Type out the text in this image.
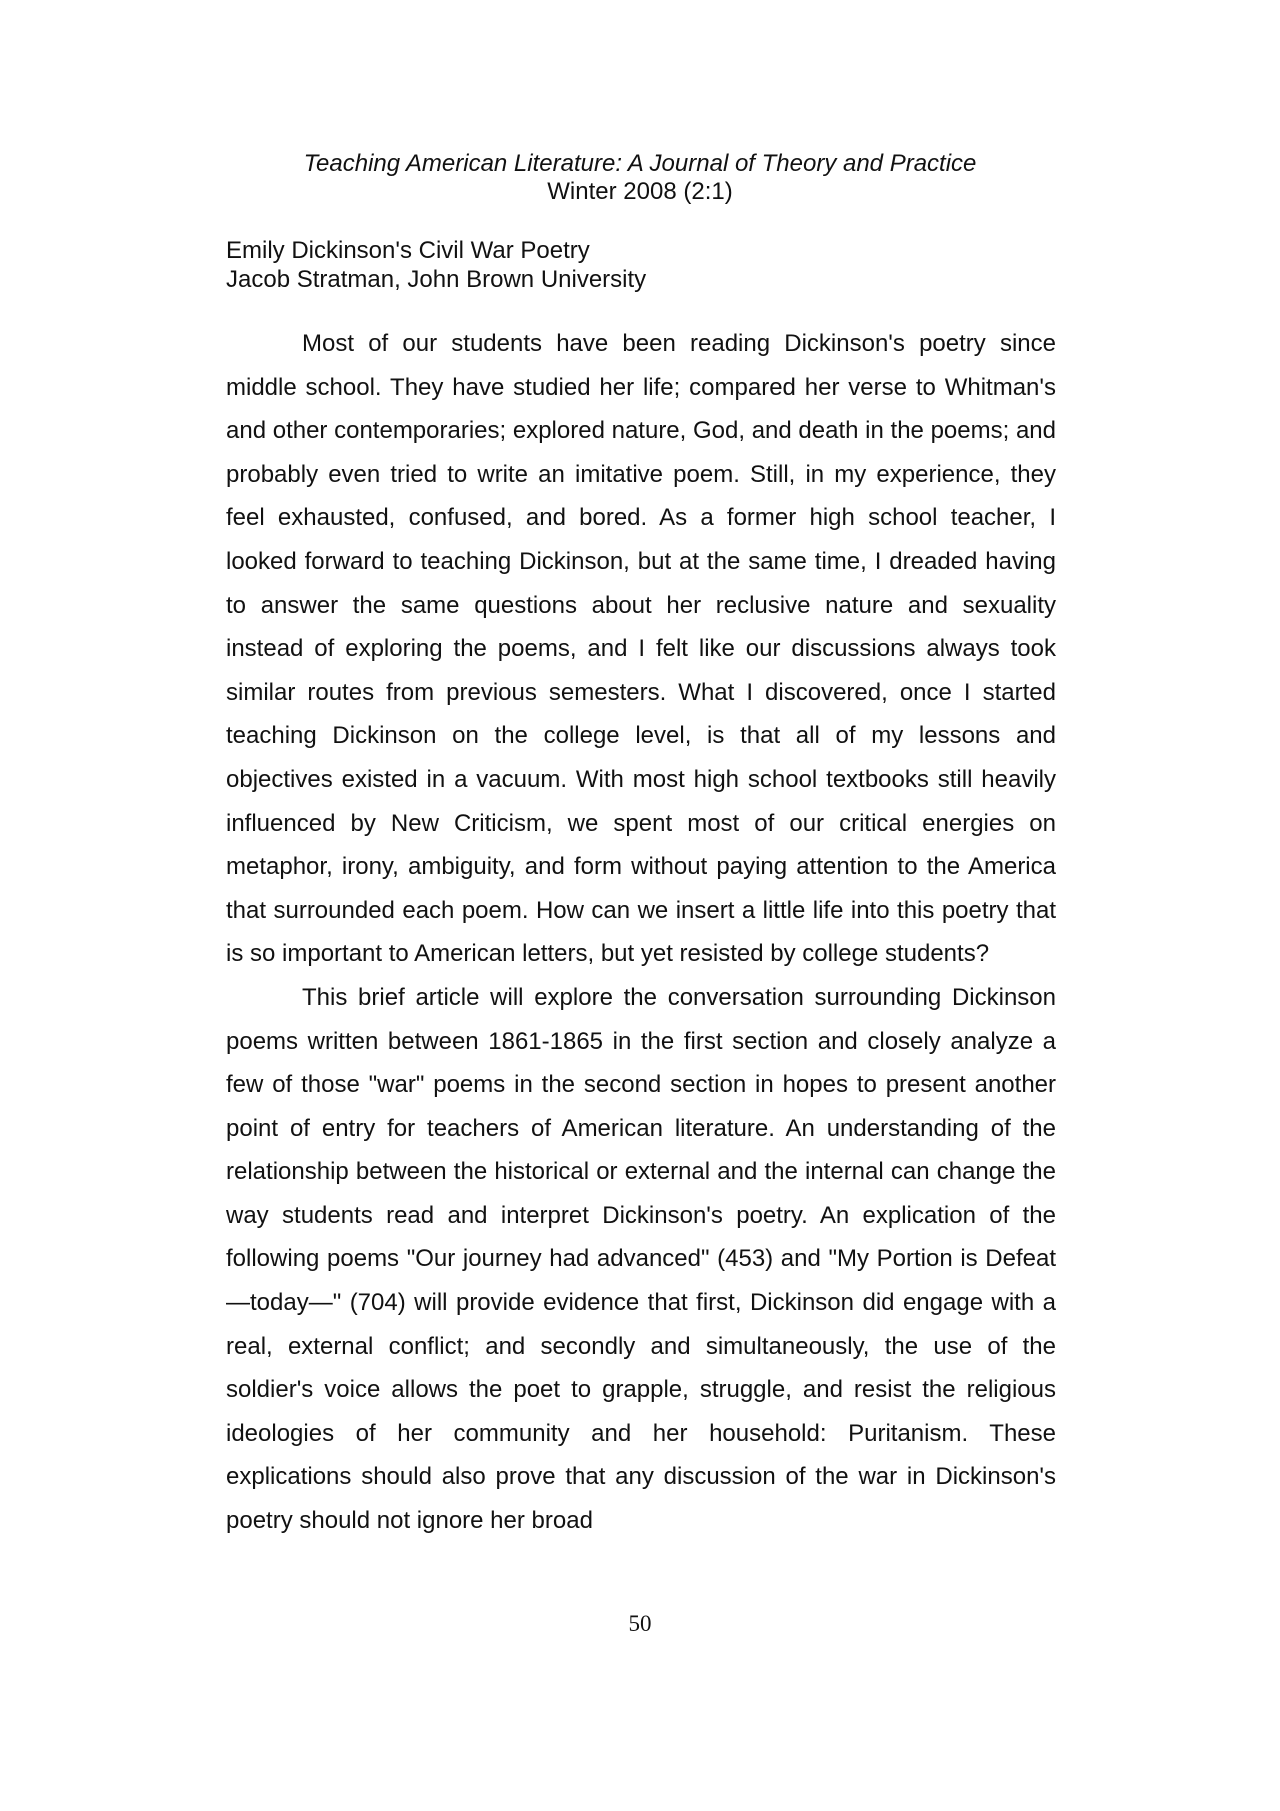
Teaching American Literature: A Journal of Theory and Practice
Winter 2008 (2:1)
Emily Dickinson's Civil War Poetry
Jacob Stratman, John Brown University

Most of our students have been reading Dickinson's poetry since middle school. They have studied her life; compared her verse to Whitman's and other contemporaries; explored nature, God, and death in the poems; and probably even tried to write an imitative poem. Still, in my experience, they feel exhausted, confused, and bored. As a former high school teacher, I looked forward to teaching Dickinson, but at the same time, I dreaded having to answer the same questions about her reclusive nature and sexuality instead of exploring the poems, and I felt like our discussions always took similar routes from previous semesters. What I discovered, once I started teaching Dickinson on the college level, is that all of my lessons and objectives existed in a vacuum. With most high school textbooks still heavily influenced by New Criticism, we spent most of our critical energies on metaphor, irony, ambiguity, and form without paying attention to the America that surrounded each poem. How can we insert a little life into this poetry that is so important to American letters, but yet resisted by college students?

This brief article will explore the conversation surrounding Dickinson poems written between 1861-1865 in the first section and closely analyze a few of those "war" poems in the second section in hopes to present another point of entry for teachers of American literature. An understanding of the relationship between the historical or external and the internal can change the way students read and interpret Dickinson's poetry. An explication of the following poems "Our journey had advanced" (453) and "My Portion is Defeat—today—" (704) will provide evidence that first, Dickinson did engage with a real, external conflict; and secondly and simultaneously, the use of the soldier's voice allows the poet to grapple, struggle, and resist the religious ideologies of her community and her household: Puritanism. These explications should also prove that any discussion of the war in Dickinson's poetry should not ignore her broad

50
